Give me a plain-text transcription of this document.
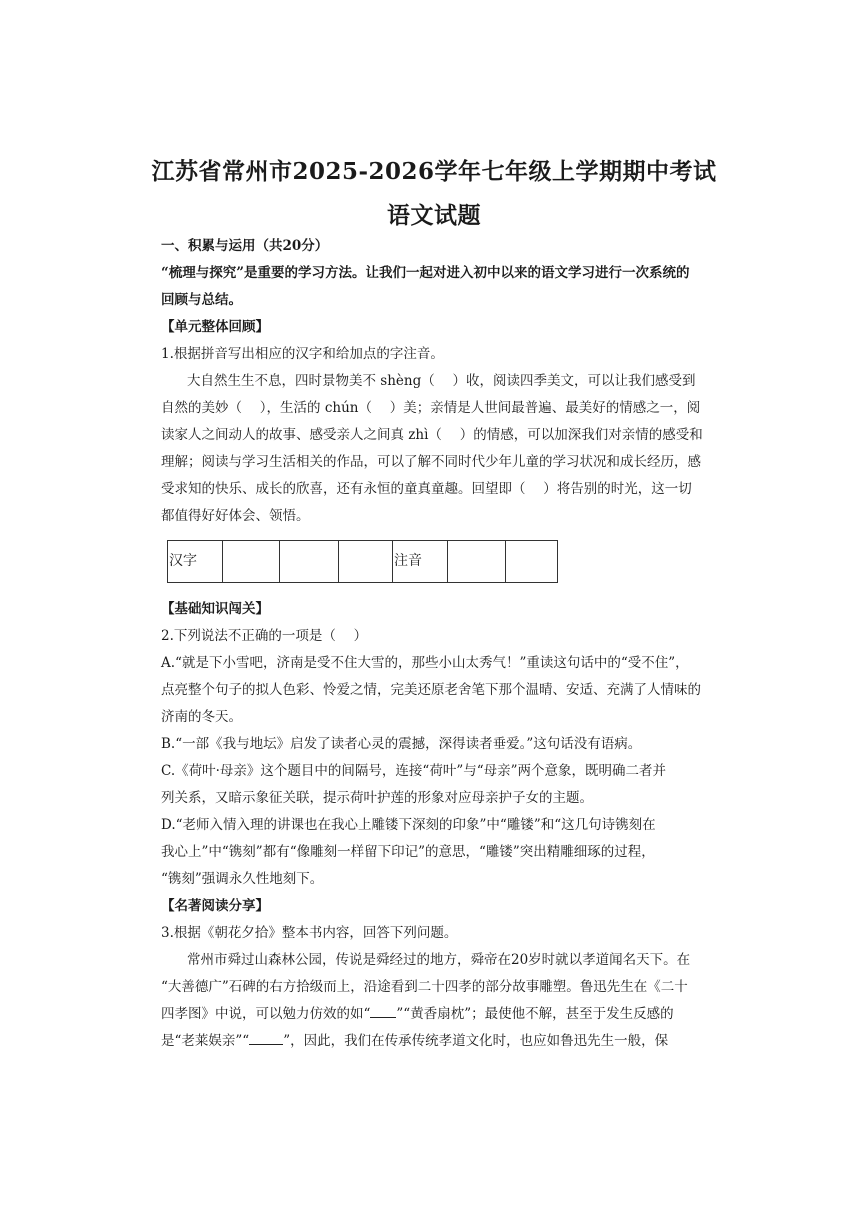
江苏省常州市2025-2026学年七年级上学期期中考试
语文试题
一、积累与运用（共20分）
“梳理与探究”是重要的学习方法。让我们一起对进入初中以来的语文学习进行一次系统的
回顾与总结。
【单元整体回顾】
1.根据拼音写出相应的汉字和给加点的字注音。
大自然生生不息，四时景物美不 shèng（　 ）收，阅读四季美文，可以让我们感受到
自然的美妙（　 ），生活的 chún（　 ）美；亲情是人世间最普遍、最美好的情感之一，阅
读家人之间动人的故事、感受亲人之间真 zhì（　 ）的情感，可以加深我们对亲情的感受和
理解；阅读与学习生活相关的作品，可以了解不同时代少年儿童的学习状况和成长经历，感
受求知的快乐、成长的欣喜，还有永恒的童真童趣。回望即（　 ）将告别的时光，这一切
都值得好好体会、领悟。
汉字				注音

【基础知识闯关】
2.下列说法不正确的一项是（　 ）
A.“就是下小雪吧，济南是受不住大雪的，那些小山太秀气！”重读这句话中的“受不住”，
点亮整个句子的拟人色彩、怜爱之情，完美还原老舍笔下那个温晴、安适、充满了人情味的
济南的冬天。
B.“一部《我与地坛》启发了读者心灵的震撼，深得读者垂爱。”这句话没有语病。
C.《荷叶·母亲》这个题目中的间隔号，连接“荷叶”与“母亲”两个意象，既明确二者并
列关系，又暗示象征关联，提示荷叶护莲的形象对应母亲护子女的主题。
D.“老师入情入理的讲课也在我心上雕镂下深刻的印象”中“雕镂”和“这几句诗镌刻在
我心上”中“镌刻”都有“像雕刻一样留下印记”的意思，“雕镂”突出精雕细琢的过程，
“镌刻”强调永久性地刻下。
【名著阅读分享】
3.根据《朝花夕拾》整本书内容，回答下列问题。
常州市舜过山森林公园，传说是舜经过的地方，舜帝在20岁时就以孝道闻名天下。在
“大善德广”石碑的右方拾级而上，沿途看到二十四孝的部分故事雕塑。鲁迅先生在《二十
四孝图》中说，可以勉力仿效的如“ ”“黄香扇枕”；最使他不解，甚至于发生反感的
是“老莱娱亲”“	”，因此，我们在传承传统孝道文化时，也应如鲁迅先生一般，保
